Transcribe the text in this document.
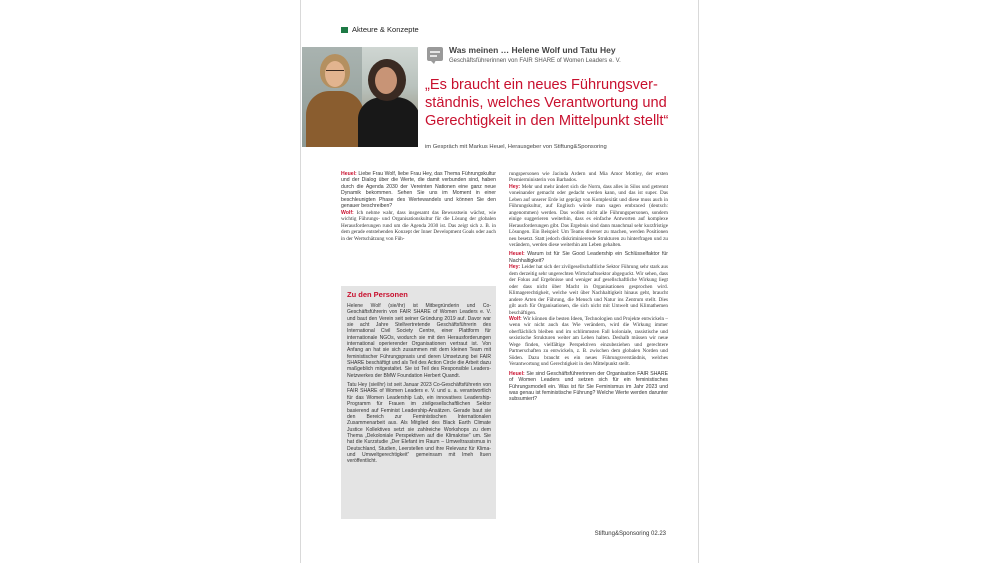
Akteure & Konzepte
Was meinen … Helene Wolf und Tatu Hey
Geschäftsführerinnen von FAIR SHARE of Women Leaders e. V.
„Es braucht ein neues Führungsver-ständnis, welches Verantwortung und Gerechtigkeit in den Mittelpunkt stellt“
im Gespräch mit Markus Heuel, Herausgeber von Stiftung&Sponsoring

Heuel: Liebe Frau Wolf, liebe Frau Hey, das Thema Führungskultur und der Dialog über die Werte, die damit verbunden sind, haben durch die Agenda 2030 der Vereinten Nationen eine ganz neue Dynamik bekommen. Sehen Sie uns im Moment in einer beschleunigten Phase des Wertewandels und können Sie den genauer beschreiben?

Wolf: Ich nehme wahr, dass insgesamt das Bewusstsein wächst, wie wichtig Führungs- und Organisationskultur für die Lösung der globalen Herausforderungen rund um die Agenda 2030 ist. Das zeigt sich z. B. in dem gerade entstehenden Konzept der Inner Development Goals oder auch in der Wertschätzung von Füh-

Zu den Personen

Helene Wolf (sie/ihr) ist Mitbegründerin und Co-Geschäftsführerin von FAIR SHARE of Women Leaders e. V. und baut den Verein seit seiner Gründung 2019 auf. Davor war sie acht Jahre Stellvertretende Geschäftsführerin des International Civil Society Centre, einer Plattform für internationale NGOs, wodurch sie mit den Herausforderungen international operierender Organisationen vertraut ist. Von Anfang an hat sie sich zusammen mit dem kleinen Team mit feministischer Führungspraxis und deren Umsetzung bei FAIR SHARE beschäftigt und als Teil des Action Circle die Arbeit dazu maßgeblich mitgestaltet. Sie ist Teil des Responsible Leaders-Netzwerkes der BMW Foundation Herbert Quandt.

Tatu Hey (sie/ihr) ist seit Januar 2023 Co-Geschäftsführerin von FAIR SHARE of Women Leaders e. V. und u. a. verantwortlich für das Women Leadership Lab, ein innovatives Leadership-Programm für Frauen im zivilgesellschaftlichen Sektor basierend auf Feminist Leadership-Ansätzen. Gerade baut sie den Bereich zur Feministischen Internationalen Zusammenarbeit aus. Als Mitglied des Black Earth Climate Justice Kollektives setzt sie zahlreiche Workshops zu dem Thema „Dekoloniale Perspektiven auf die Klimakrise“ um. Sie hat die Kurzstudie „Der Elefant im Raum – Umweltrassismus in Deutschland, Studien, Leerstellen und ihre Relevanz für Klima- und Umweltgerechtigkeit“ gemeinsam mit Imeh Ituen veröffentlicht.

rungspersonen wie Jacinda Ardern und Mia Amor Mottley, der ersten Premierministerin von Barbados.

Hey: Mehr und mehr ändert sich die Norm, dass alles in Silos und getrennt voneinander gemacht oder gedacht werden kann, und das ist super. Das Leben auf unserer Erde ist geprägt von Komplexität und diese muss auch in Führungskultur, auf Englisch würde man sagen embraced (deutsch: angenommen) werden. Das wollen nicht alle Führungspersonen, sondern einige suggerieren weiterhin, dass es einfache Antworten auf komplexe Herausforderungen gibt. Das Ergebnis sind dann manchmal sehr kurzfristige Lösungen. Ein Beispiel: Um Teams diverser zu machen, werden Positionen neu besetzt. Statt jedoch diskriminierende Strukturen zu hinterfragen und zu verändern, werden diese weiterhin am Leben gehalten.

Heuel: Warum ist für Sie Good Leadership ein Schlüsselfaktor für Nachhaltigkeit?

Hey: Leider hat sich der zivilgesellschaftliche Sektor Führung sehr stark aus dem derzeitig sehr ungerechten Wirtschaftssektor abgeguckt. Wir sehen, dass der Fokus auf Ergebnisse und weniger auf gesellschaftliche Wirkung liegt oder dass nicht über Macht in Organisationen gesprochen wird. Klimagerechtigkeit, welche weit über Nachhaltigkeit hinaus geht, braucht andere Arten der Führung, die Mensch und Natur ins Zentrum stellt. Dies gilt auch für Organisationen, die sich nicht mit Umwelt und Klimathemen beschäftigen.

Wolf: Wir können die besten Ideen, Technologien und Projekte entwickeln – wenn wir nicht auch das Wie verändern, wird die Wirkung immer oberflächlich bleiben und im schlimmsten Fall koloniale, rassistische und sexistische Strukturen weiter am Leben halten. Deshalb müssen wir neue Wege finden, vielfältige Perspektiven einzubeziehen und gerechtere Partnerschaften zu entwickeln, z. B. zwischen dem globalen Norden und Süden. Dazu braucht es ein neues Führungsverständnis, welches Verantwortung und Gerechtigkeit in den Mittelpunkt stellt.

Heuel: Sie sind Geschäftsführerinnen der Organisation FAIR SHARE of Women Leaders und setzen sich für ein feministisches Führungsmodell ein. Was ist für Sie Feminismus im Jahr 2023 und was genau ist feministische Führung? Welche Werte werden darunter subsumiert?

Stiftung&Sponsoring 02.23
